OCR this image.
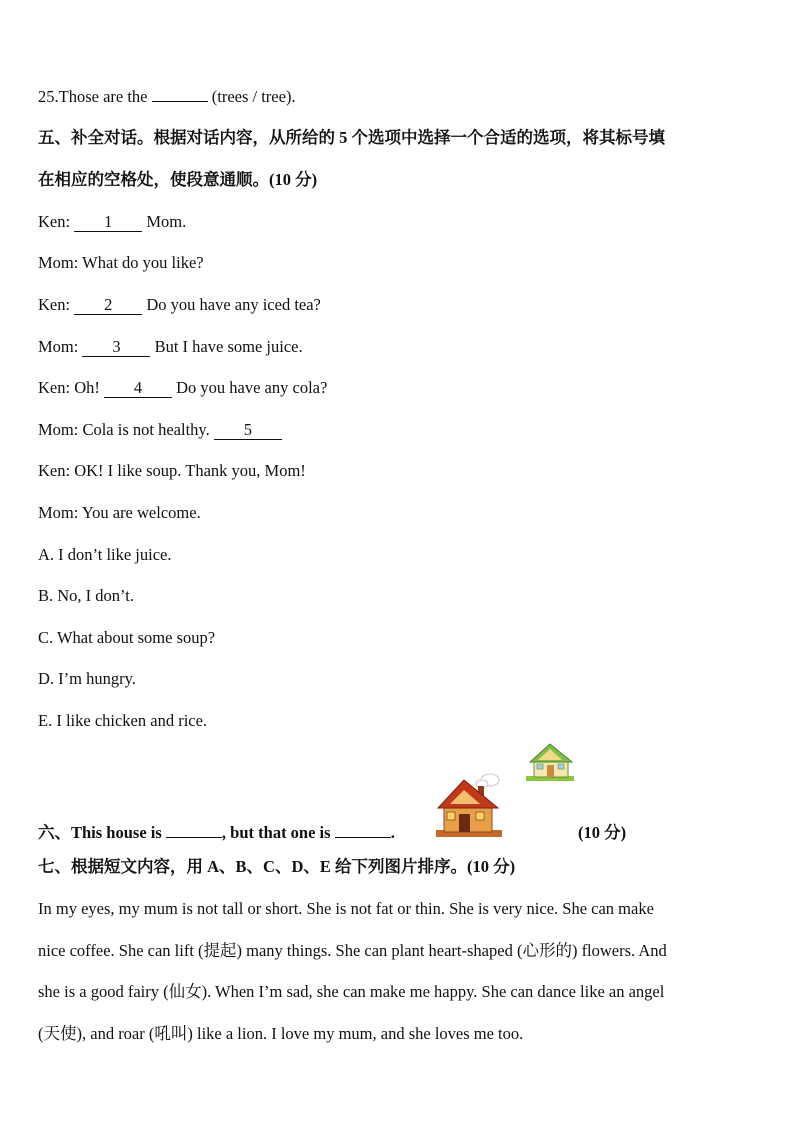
25.Those are the	(trees / tree).
五、补全对话。根据对话内容，从所给的 5 个选项中选择一个合适的选项，将其标号填
在相应的空格处，使段意通顺。(10 分)
Ken: 1 Mom.
Mom: What do you like?
Ken: 2 Do you have any iced tea?
Mom: 3 But I have some juice.
Ken: Oh! 4 Do you have any cola?
Mom: Cola is not healthy. 5
Ken: OK! I like soup. Thank you, Mom!
Mom: You are welcome.
A. I don’t like juice.
B. No, I don’t.
C. What about some soup?
D. I’m hungry.
E. I like chicken and rice.
六、This house is	, but that one is	.	(10 分)
七、根据短文内容，用 A、B、C、D、E 给下列图片排序。(10 分)
In my eyes, my mum is not tall or short. She is not fat or thin. She is very nice. She can make
nice coffee. She can lift (提起) many things. She can plant heart-shaped (心形的) flowers. And
she is a good fairy (仙女). When I’m sad, she can make me happy. She can dance like an angel
(天使), and roar (吼叫) like a lion. I love my mum, and she loves me too.
